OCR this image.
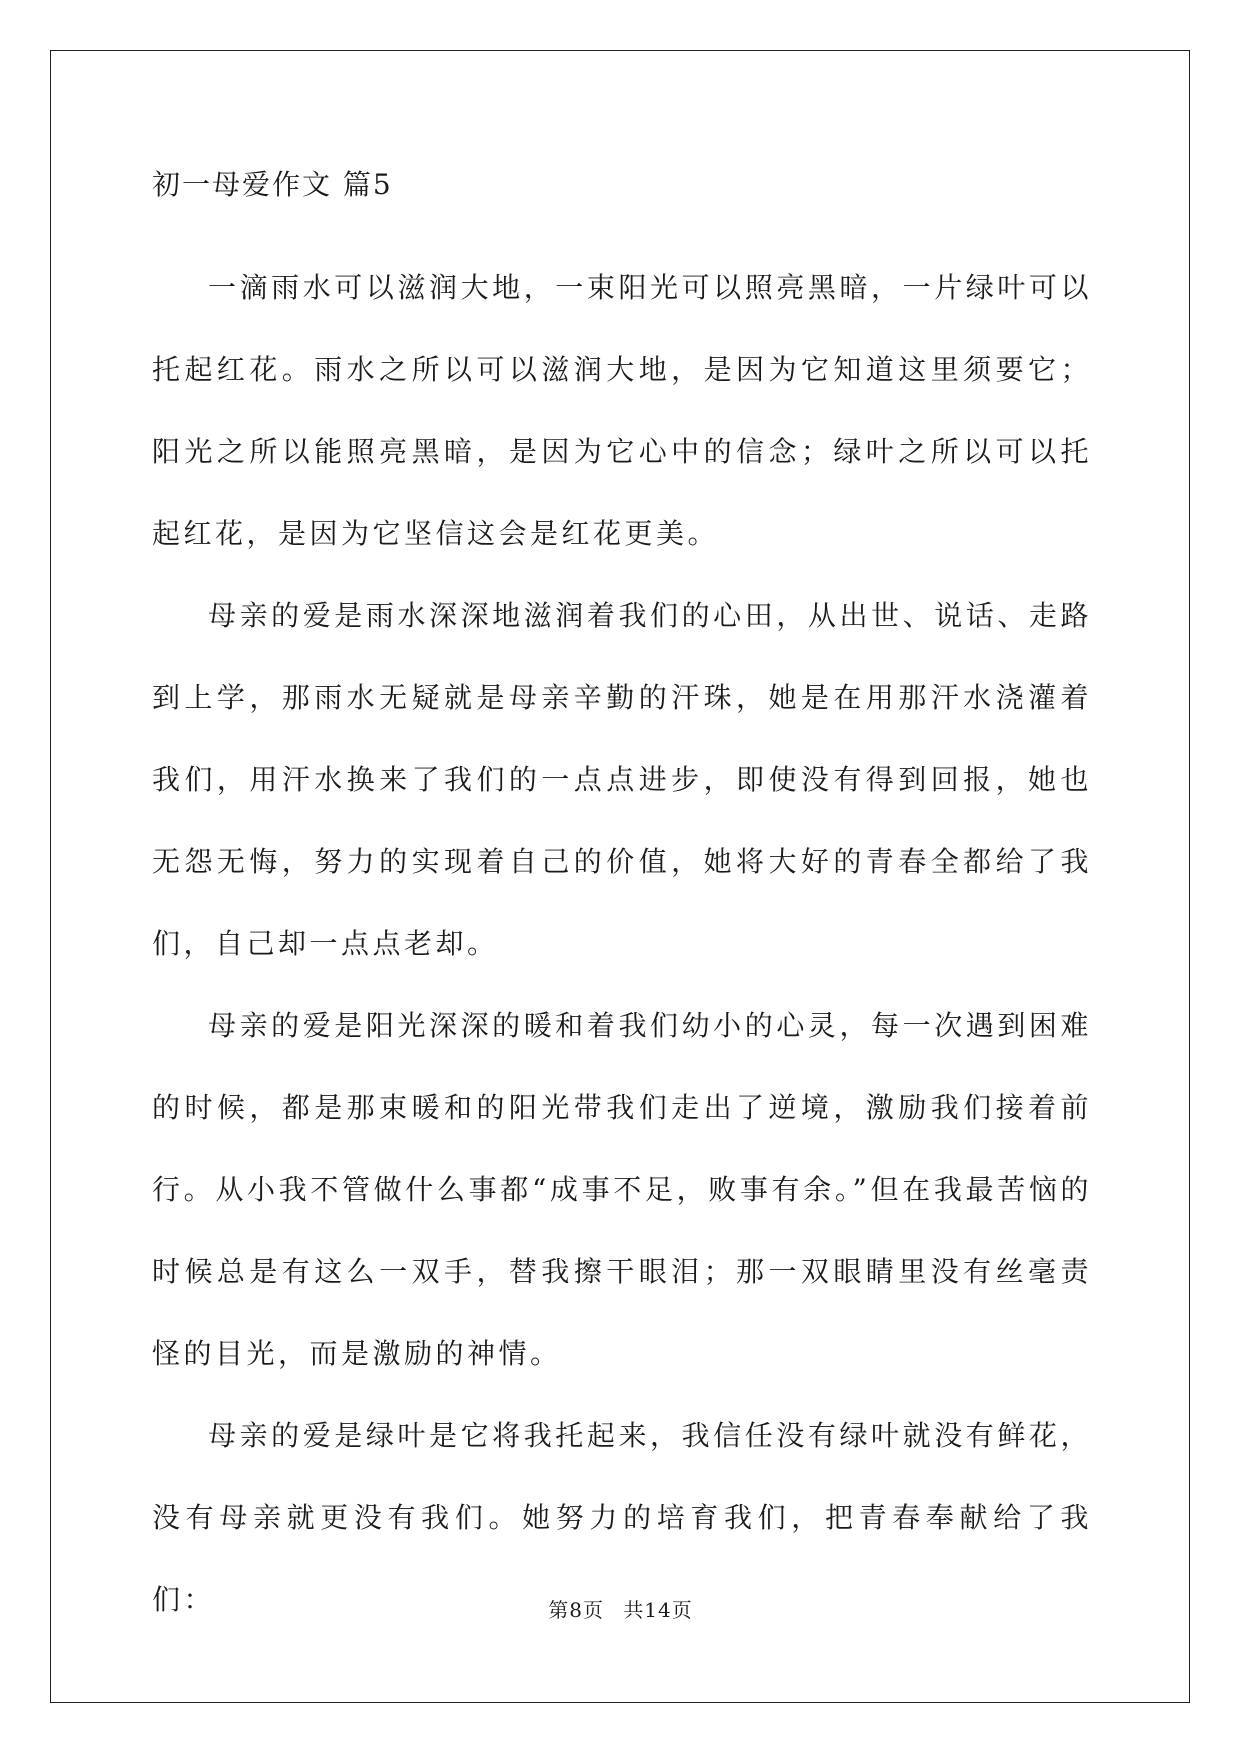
初一母爱作文 篇5

一滴雨水可以滋润大地，一束阳光可以照亮黑暗，一片绿叶可以托起红花。雨水之所以可以滋润大地，是因为它知道这里须要它；阳光之所以能照亮黑暗，是因为它心中的信念；绿叶之所以可以托起红花，是因为它坚信这会是红花更美。

母亲的爱是雨水深深地滋润着我们的心田，从出世、说话、走路到上学，那雨水无疑就是母亲辛勤的汗珠，她是在用那汗水浇灌着我们，用汗水换来了我们的一点点进步，即使没有得到回报，她也无怨无悔，努力的实现着自己的价值，她将大好的青春全都给了我们，自己却一点点老却。

母亲的爱是阳光深深的暖和着我们幼小的心灵，每一次遇到困难的时候，都是那束暖和的阳光带我们走出了逆境，激励我们接着前行。从小我不管做什么事都“成事不足，败事有余。”但在我最苦恼的时候总是有这么一双手，替我擦干眼泪；那一双眼睛里没有丝毫责怪的目光，而是激励的神情。

母亲的爱是绿叶是它将我托起来，我信任没有绿叶就没有鲜花，没有母亲就更没有我们。她努力的培育我们，把青春奉献给了我们：	第8页 共14页
